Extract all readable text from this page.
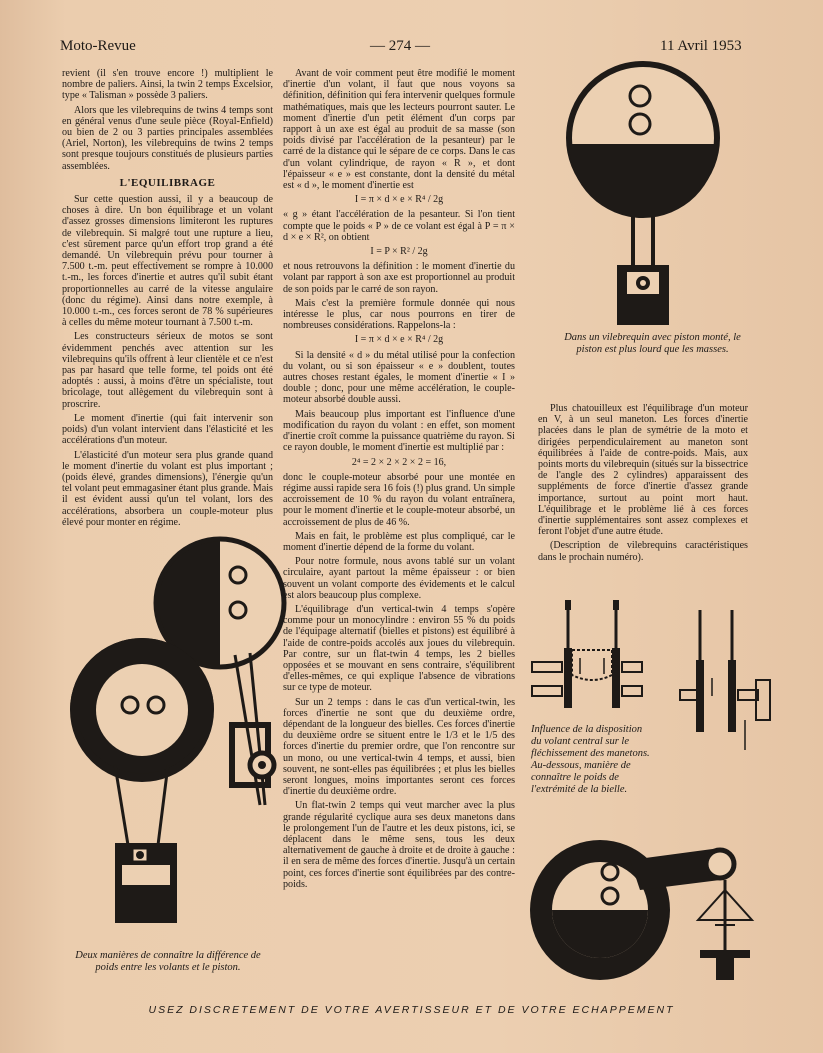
Moto-Revue	— 274 —	11 Avril 1953

revient (il s'en trouve encore !) multiplient le nombre de paliers. Ainsi, la twin 2 temps Excelsior, type « Talisman » possède 3 paliers.

Alors que les vilebrequins de twins 4 temps sont en général venus d'une seule pièce (Royal-Enfield) ou bien de 2 ou 3 parties principales assemblées (Ariel, Norton), les vilebrequins de twins 2 temps sont presque toujours constitués de plusieurs parties assemblées.

L'EQUILIBRAGE

Sur cette question aussi, il y a beaucoup de choses à dire. Un bon équilibrage et un volant d'assez grosses dimensions limiteront les ruptures de vilebrequin. Si malgré tout une rupture a lieu, c'est sûrement parce qu'un effort trop grand a été demandé. Un vilebrequin prévu pour tourner à 7.500 t.-m. peut effectivement se rompre à 10.000 t.-m., les forces d'inertie et autres qu'il subit étant proportionnelles au carré de la vitesse angulaire (donc du régime). Ainsi dans notre exemple, à 10.000 t.-m., ces forces seront de 78 % supérieures à celles du même moteur tournant à 7.500 t.-m.

Les constructeurs sérieux de motos se sont évidemment penchés avec attention sur les vilebrequins qu'ils offrent à leur clientèle et ce n'est pas par hasard que telle forme, tel poids ont été adoptés : aussi, à moins d'être un spécialiste, tout bricolage, tout allègement du vilebrequin sont à proscrire.

Le moment d'inertie (qui fait intervenir son poids) d'un volant intervient dans l'élasticité et les accélérations d'un moteur.

L'élasticité d'un moteur sera plus grande quand le moment d'inertie du volant est plus important ; (poids élevé, grandes dimensions), l'énergie qu'un tel volant peut emmagasiner étant plus grande. Mais il est évident aussi qu'un tel volant, lors des accélérations, absorbera un couple-moteur plus élevé pour monter en régime.

Deux manières de connaître la différence de poids entre les volants et le piston.

Avant de voir comment peut être modifié le moment d'inertie d'un volant, il faut que nous voyons sa définition, définition qui fera intervenir quelques formule mathématiques, mais que les lecteurs pourront sauter. Le moment d'inertie d'un petit élément d'un corps par rapport à un axe est égal au produit de sa masse (son poids divisé par l'accélération de la pesanteur) par le carré de la distance qui le sépare de ce corps. Dans le cas d'un volant cylindrique, de rayon « R », et dont l'épaisseur « e » est constante, dont la densité du métal est « d », le moment d'inertie est

I = π × d × e × R⁴ / 2g

« g » étant l'accélération de la pesanteur. Si l'on tient compte que le poids « P » de ce volant est égal à P = π × d × e × R², on obtient

I = P × R² / 2g

et nous retrouvons la définition : le moment d'inertie du volant par rapport à son axe est proportionnel au produit de son poids par le carré de son rayon.

Mais c'est la première formule donnée qui nous intéresse le plus, car nous pourrons en tirer de nombreuses considérations. Rappelons-la :

I = π × d × e × R⁴ / 2g

Si la densité « d » du métal utilisé pour la confection du volant, ou si son épaisseur « e » doublent, toutes autres choses restant égales, le moment d'inertie « I » double ; donc, pour une même accélération, le couple-moteur absorbé double aussi.

Mais beaucoup plus important est l'influence d'une modification du rayon du volant : en effet, son moment d'inertie croît comme la puissance quatrième du rayon. Si ce rayon double, le moment d'inertie est multiplié par :

2⁴ = 2 × 2 × 2 × 2 = 16,

donc le couple-moteur absorbé pour une montée en régime aussi rapide sera 16 fois (!) plus grand. Un simple accroissement de 10 % du rayon du volant entraînera, pour le moment d'inertie et le couple-moteur absorbé, un accroissement de plus de 46 %.

Mais en fait, le problème est plus compliqué, car le moment d'inertie dépend de la forme du volant.

Pour notre formule, nous avons tablé sur un volant circulaire, ayant partout la même épaisseur : or bien souvent un volant comporte des évidements et le calcul est alors beaucoup plus complexe.

L'équilibrage d'un vertical-twin 4 temps s'opère comme pour un monocylindre : environ 55 % du poids de l'équipage alternatif (bielles et pistons) est équilibré à l'aide de contre-poids accolés aux joues du vilebrequin. Par contre, sur un flat-twin 4 temps, les 2 bielles opposées et se mouvant en sens contraire, s'équilibrent d'elles-mêmes, ce qui explique l'absence de vibrations sur ce type de moteur.

Sur un 2 temps : dans le cas d'un vertical-twin, les forces d'inertie ne sont que du deuxième ordre, dépendant de la longueur des bielles. Ces forces d'inertie du deuxième ordre se situent entre le 1/3 et le 1/5 des forces d'inertie du premier ordre, que l'on rencontre sur un mono, ou une vertical-twin 4 temps, et aussi, bien souvent, ne sont-elles pas équilibrées ; et plus les bielles seront longues, moins importantes seront ces forces d'inertie du deuxième ordre.

Un flat-twin 2 temps qui veut marcher avec la plus grande régularité cyclique aura ses deux manetons dans le prolongement l'un de l'autre et les deux pistons, ici, se déplacent dans le même sens, tous les deux alternativement de gauche à droite et de droite à gauche : il en sera de même des forces d'inertie. Jusqu'à un certain point, ces forces d'inertie sont équilibrées par des contre-poids.

Dans un vilebrequin avec piston monté, le piston est plus lourd que les masses.

Plus chatouilleux est l'équilibrage d'un moteur en V, à un seul maneton. Les forces d'inertie placées dans le plan de symétrie de la moto et dirigées perpendiculairement au maneton sont équilibrées à l'aide de contre-poids. Mais, aux points morts du vilebrequin (situés sur la bissectrice de l'angle des 2 cylindres) apparaissent des suppléments de force d'inertie d'assez grande importance, surtout au point mort haut. L'équilibrage et le problème lié à ces forces d'inertie supplémentaires sont assez complexes et feront l'objet d'une autre étude.

(Description de vilebrequins caractéristiques dans le prochain numéro).

Influence de la disposition du volant central sur le fléchissement des manetons. Au-dessous, manière de connaître le poids de l'extrémité de la bielle.
USEZ DISCRETEMENT DE VOTRE AVERTISSEUR ET DE VOTRE ECHAPPEMENT
